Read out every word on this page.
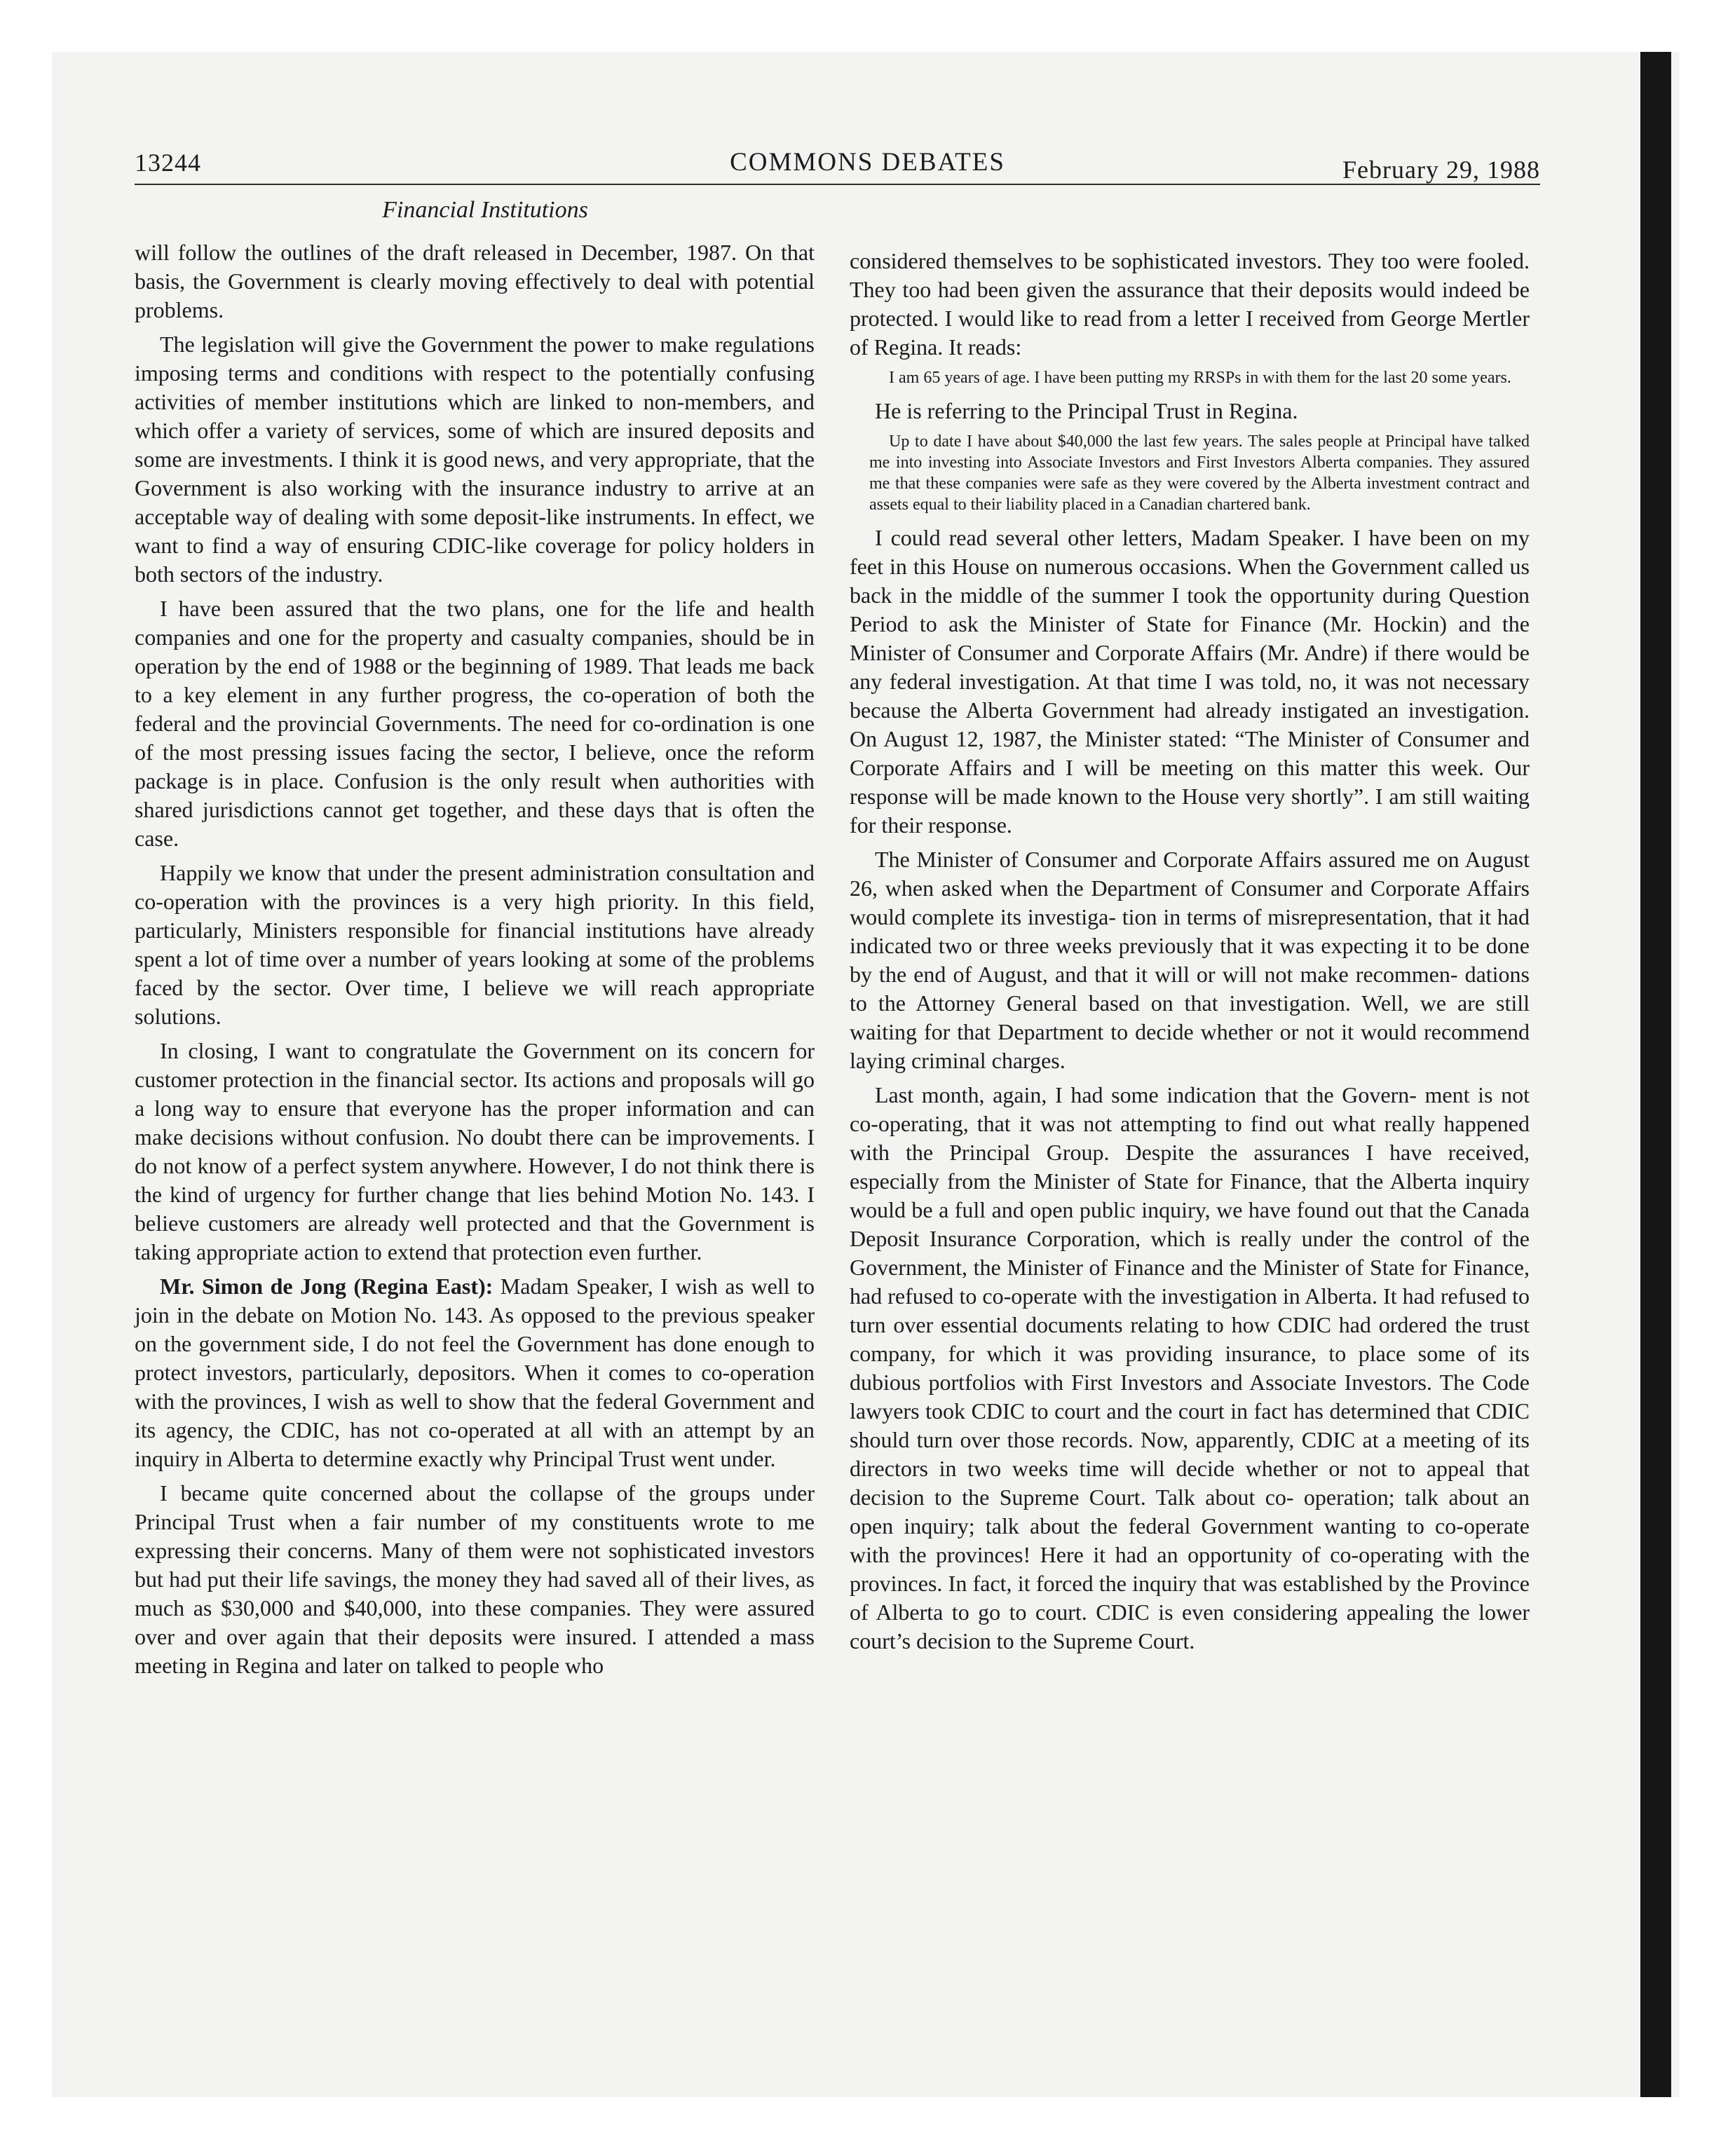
13244	COMMONS DEBATES	February 29, 1988
Financial Institutions

will follow the outlines of the draft released in December, 1987. On that basis, the Government is clearly moving effectively to deal with potential problems.

The legislation will give the Government the power to make regulations imposing terms and conditions with respect to the potentially confusing activities of member institutions which are linked to non-members, and which offer a variety of services, some of which are insured deposits and some are investments. I think it is good news, and very appropriate, that the Government is also working with the insurance industry to arrive at an acceptable way of dealing with some deposit-like instruments. In effect, we want to find a way of ensuring CDIC-like coverage for policy holders in both sectors of the industry.

I have been assured that the two plans, one for the life and health companies and one for the property and casualty companies, should be in operation by the end of 1988 or the beginning of 1989. That leads me back to a key element in any further progress, the co-operation of both the federal and the provincial Governments. The need for co-ordination is one of the most pressing issues facing the sector, I believe, once the reform package is in place. Confusion is the only result when authorities with shared jurisdictions cannot get together, and these days that is often the case.

Happily we know that under the present administration consultation and co-operation with the provinces is a very high priority. In this field, particularly, Ministers responsible for financial institutions have already spent a lot of time over a number of years looking at some of the problems faced by the sector. Over time, I believe we will reach appropriate solutions.

In closing, I want to congratulate the Government on its concern for customer protection in the financial sector. Its actions and proposals will go a long way to ensure that everyone has the proper information and can make decisions without confusion. No doubt there can be improvements. I do not know of a perfect system anywhere. However, I do not think there is the kind of urgency for further change that lies behind Motion No. 143. I believe customers are already well protected and that the Government is taking appropriate action to extend that protection even further.

Mr. Simon de Jong (Regina East): Madam Speaker, I wish as well to join in the debate on Motion No. 143. As opposed to the previous speaker on the government side, I do not feel the Government has done enough to protect investors, particularly, depositors. When it comes to co-operation with the provinces, I wish as well to show that the federal Government and its agency, the CDIC, has not co-operated at all with an attempt by an inquiry in Alberta to determine exactly why Principal Trust went under.

I became quite concerned about the collapse of the groups under Principal Trust when a fair number of my constituents wrote to me expressing their concerns. Many of them were not sophisticated investors but had put their life savings, the money they had saved all of their lives, as much as $30,000 and $40,000, into these companies. They were assured over and over again that their deposits were insured. I attended a mass meeting in Regina and later on talked to people who

considered themselves to be sophisticated investors. They too were fooled. They too had been given the assurance that their deposits would indeed be protected. I would like to read from a letter I received from George Mertler of Regina. It reads:

I am 65 years of age. I have been putting my RRSPs in with them for the last 20 some years.

He is referring to the Principal Trust in Regina.

Up to date I have about $40,000 the last few years. The sales people at Principal have talked me into investing into Associate Investors and First Investors Alberta companies. They assured me that these companies were safe as they were covered by the Alberta investment contract and assets equal to their liability placed in a Canadian chartered bank.

I could read several other letters, Madam Speaker. I have been on my feet in this House on numerous occasions. When the Government called us back in the middle of the summer I took the opportunity during Question Period to ask the Minister of State for Finance (Mr. Hockin) and the Minister of Consumer and Corporate Affairs (Mr. Andre) if there would be any federal investigation. At that time I was told, no, it was not necessary because the Alberta Government had already instigated an investigation. On August 12, 1987, the Minister stated: “The Minister of Consumer and Corporate Affairs and I will be meeting on this matter this week. Our response will be made known to the House very shortly”. I am still waiting for their response.

The Minister of Consumer and Corporate Affairs assured me on August 26, when asked when the Department of Consumer and Corporate Affairs would complete its investiga- tion in terms of misrepresentation, that it had indicated two or three weeks previously that it was expecting it to be done by the end of August, and that it will or will not make recommen- dations to the Attorney General based on that investigation. Well, we are still waiting for that Department to decide whether or not it would recommend laying criminal charges.

Last month, again, I had some indication that the Govern- ment is not co-operating, that it was not attempting to find out what really happened with the Principal Group. Despite the assurances I have received, especially from the Minister of State for Finance, that the Alberta inquiry would be a full and open public inquiry, we have found out that the Canada Deposit Insurance Corporation, which is really under the control of the Government, the Minister of Finance and the Minister of State for Finance, had refused to co-operate with the investigation in Alberta. It had refused to turn over essential documents relating to how CDIC had ordered the trust company, for which it was providing insurance, to place some of its dubious portfolios with First Investors and Associate Investors. The Code lawyers took CDIC to court and the court in fact has determined that CDIC should turn over those records. Now, apparently, CDIC at a meeting of its directors in two weeks time will decide whether or not to appeal that decision to the Supreme Court. Talk about co- operation; talk about an open inquiry; talk about the federal Government wanting to co-operate with the provinces! Here it had an opportunity of co-operating with the provinces. In fact, it forced the inquiry that was established by the Province of Alberta to go to court. CDIC is even considering appealing the lower court’s decision to the Supreme Court.
